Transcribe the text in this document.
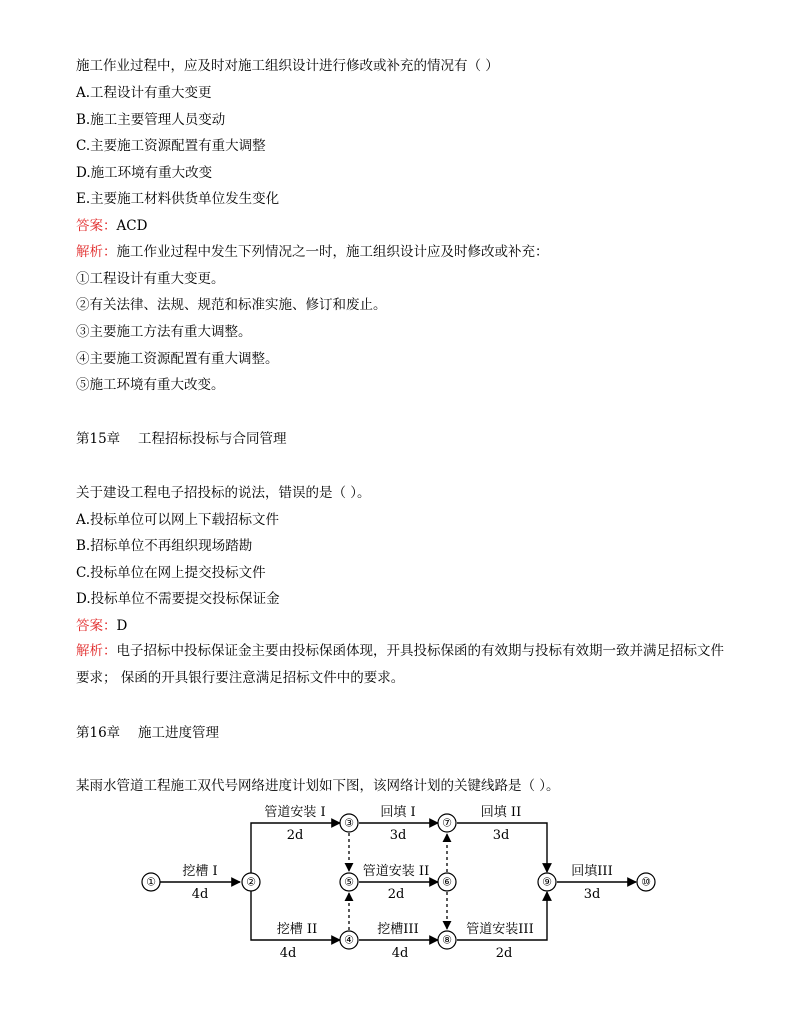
施工作业过程中，应及时对施工组织设计进行修改或补充的情况有（ ）
A.工程设计有重大变更
B.施工主要管理人员变动
C.主要施工资源配置有重大调整
D.施工环境有重大改变
E.主要施工材料供货单位发生变化
答案：ACD
解析：施工作业过程中发生下列情况之一时，施工组织设计应及时修改或补充：
①工程设计有重大变更。
②有关法律、法规、规范和标准实施、修订和废止。
③主要施工方法有重大调整。
④主要施工资源配置有重大调整。
⑤施工环境有重大改变。
第15章　 工程招标投标与合同管理
关于建设工程电子招投标的说法，错误的是（ ）。
A.投标单位可以网上下载招标文件
B.招标单位不再组织现场踏勘
C.投标单位在网上提交投标文件
D.投标单位不需要提交投标保证金
答案：D
解析：电子招标中投标保证金主要由投标保函体现，开具投标保函的有效期与投标有效期一致并满足招标文件要求； 保函的开具银行要注意满足招标文件中的要求。
第16章　 施工进度管理
某雨水管道工程施工双代号网络进度计划如下图，该网络计划的关键线路是（ ）。
①	②
③
④
⑤	⑥
⑦
⑧
⑨	⑩
挖槽 I
4d
管道安装 I
2d
回填 I
3d
回填 II
3d
管道安装 II
2d
挖槽 II
4d
挖槽III
4d
管道安装III
2d
回填III
3d
